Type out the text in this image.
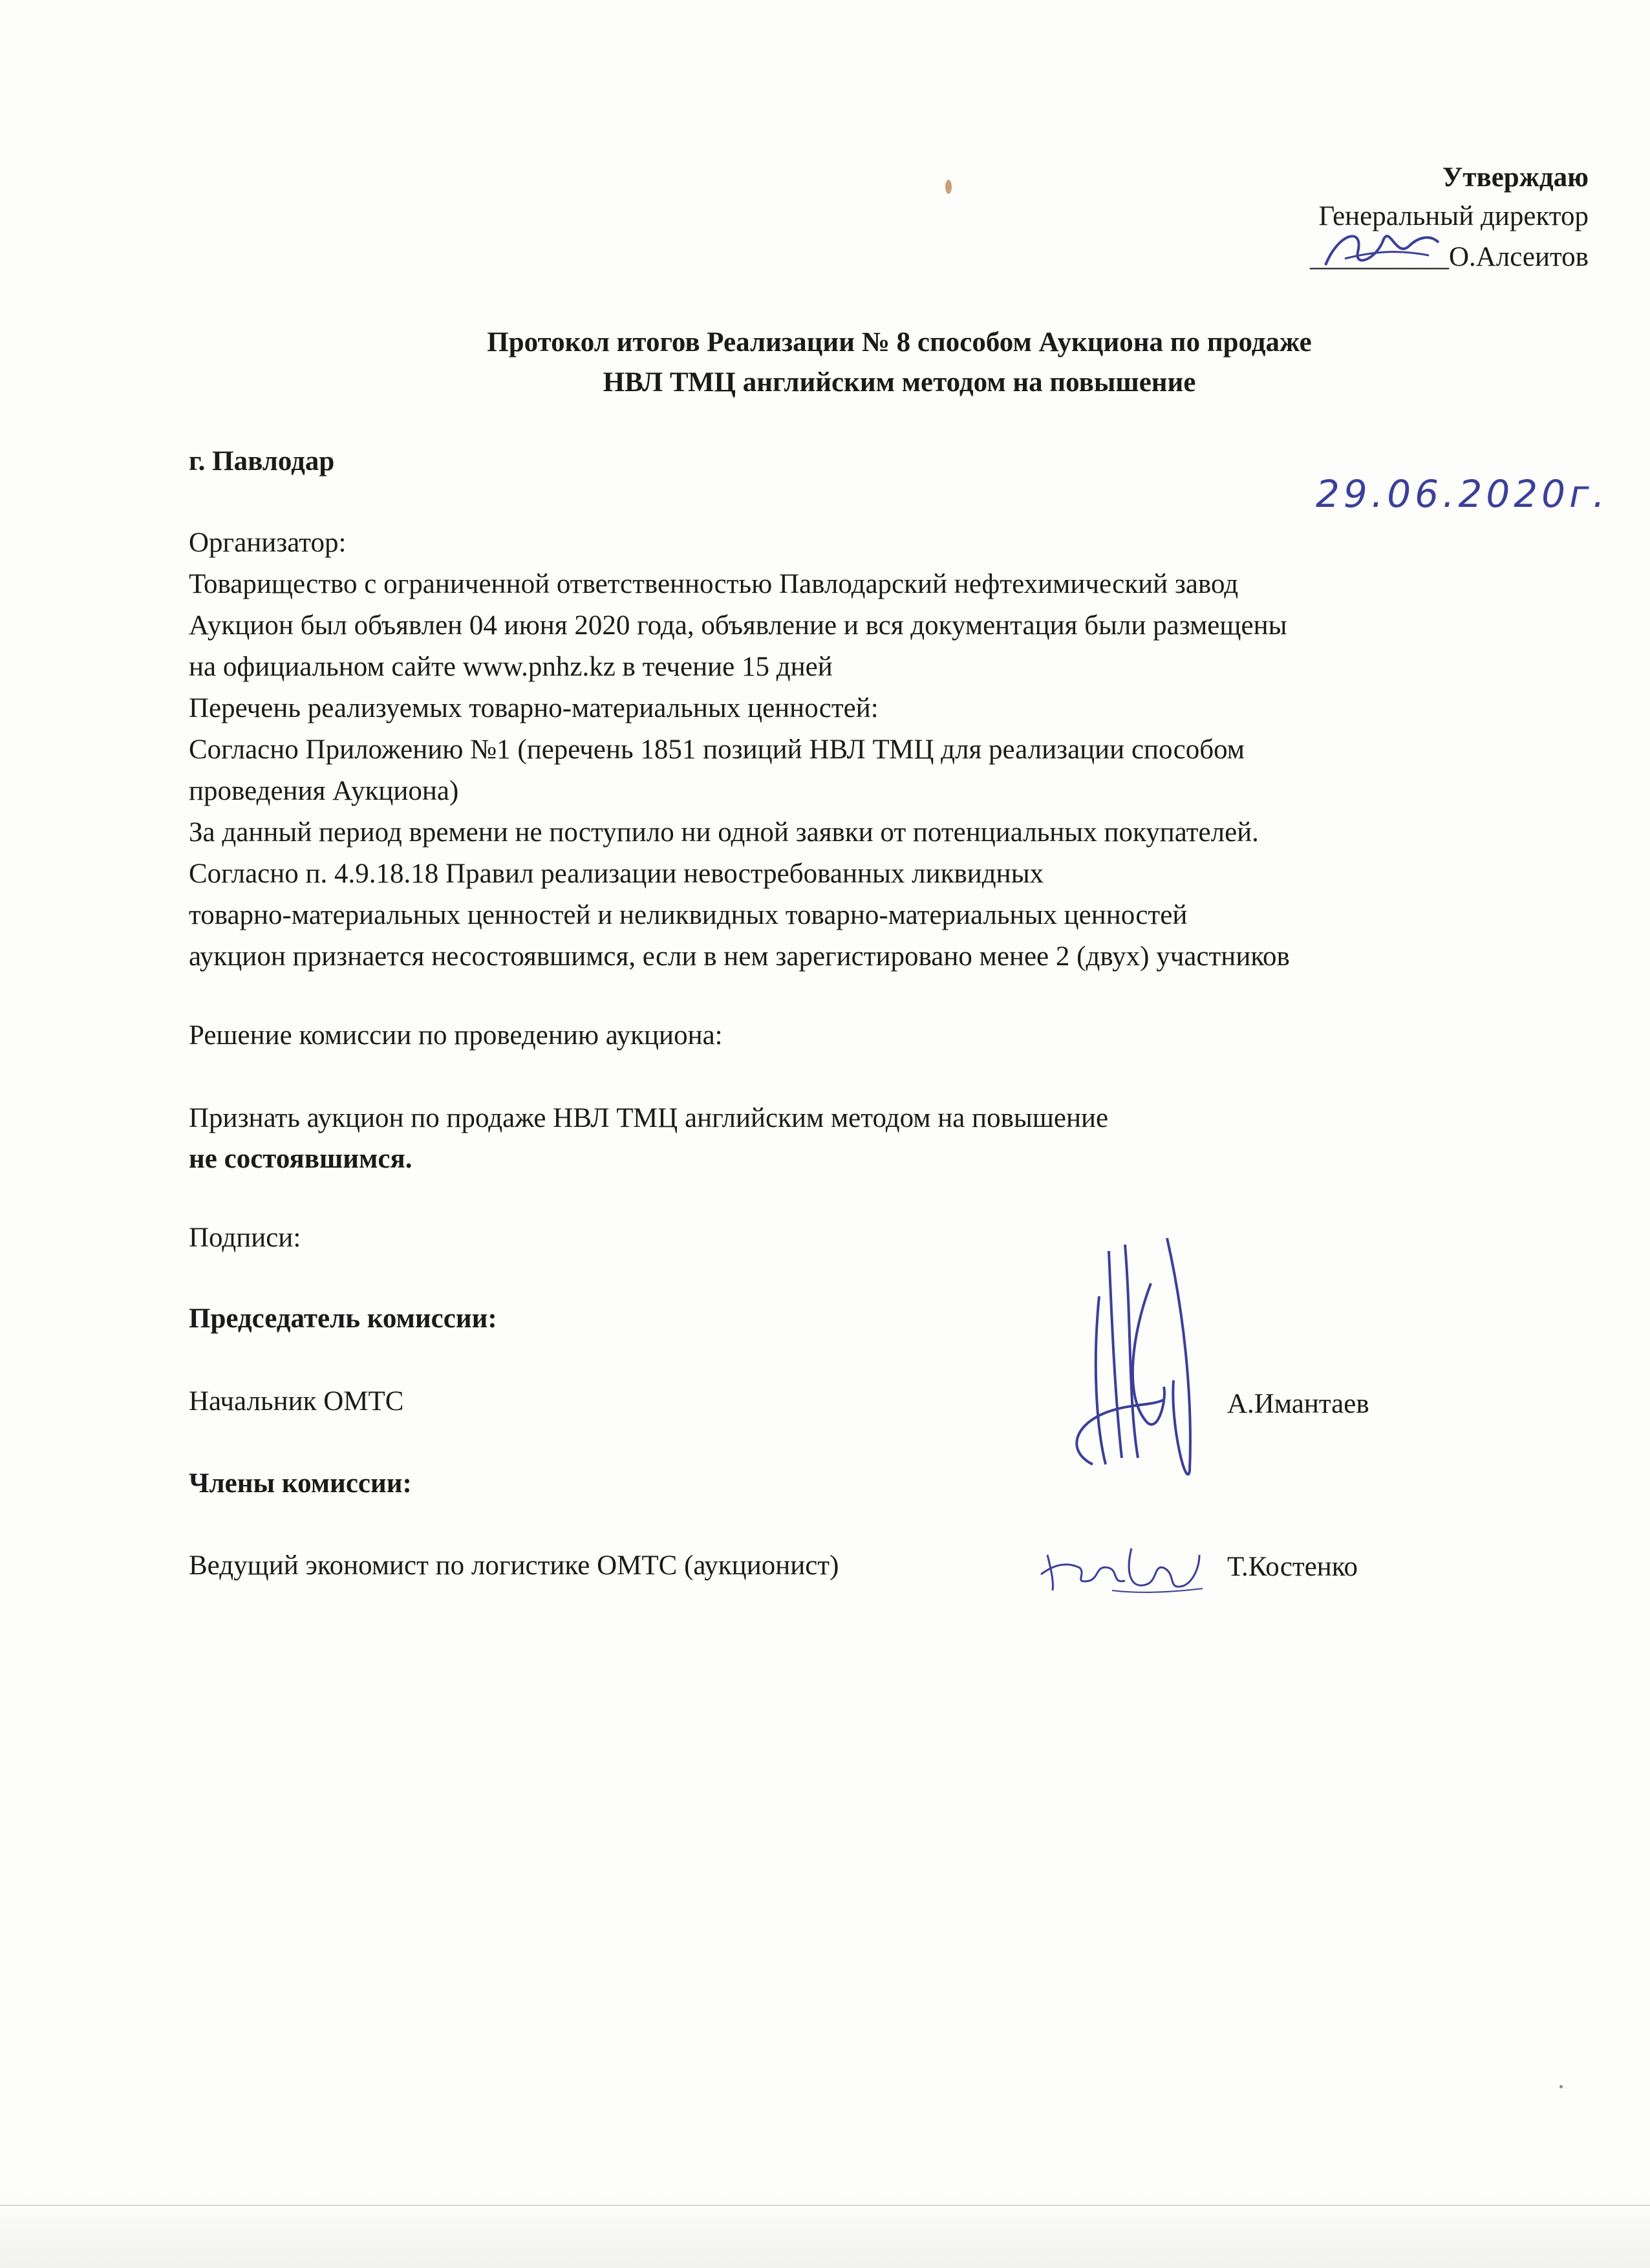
Утверждаю
Генеральный директор
__________О.Алсеитов
Протокол итогов Реализации № 8 способом Аукциона по продаже
НВЛ ТМЦ английским методом на повышение
г. Павлодар
29.06.2020г.
Организатор:
Товарищество с ограниченной ответственностью Павлодарский нефтехимический завод
Аукцион был объявлен 04 июня 2020 года, объявление и вся документация были размещены
на официальном сайте www.pnhz.kz в течение 15 дней
Перечень реализуемых товарно-материальных ценностей:
Согласно Приложению №1 (перечень 1851 позиций НВЛ ТМЦ для реализации способом
проведения Аукциона)
За данный период времени не поступило ни одной заявки от потенциальных покупателей.
Согласно п. 4.9.18.18 Правил реализации невостребованных ликвидных
товарно-материальных ценностей и неликвидных товарно-материальных ценностей
аукцион признается несостоявшимся, если в нем зарегистировано менее 2 (двух) участников
Решение комиссии по проведению аукциона:
Признать аукцион по продаже НВЛ ТМЦ английским методом на повышение
не состоявшимся.
Подписи:
Председатель комиссии:
Начальник ОМТС	А.Имантаев
Члены комиссии:
Ведущий экономист по логистике ОМТС (аукционист)	Т.Костенко
